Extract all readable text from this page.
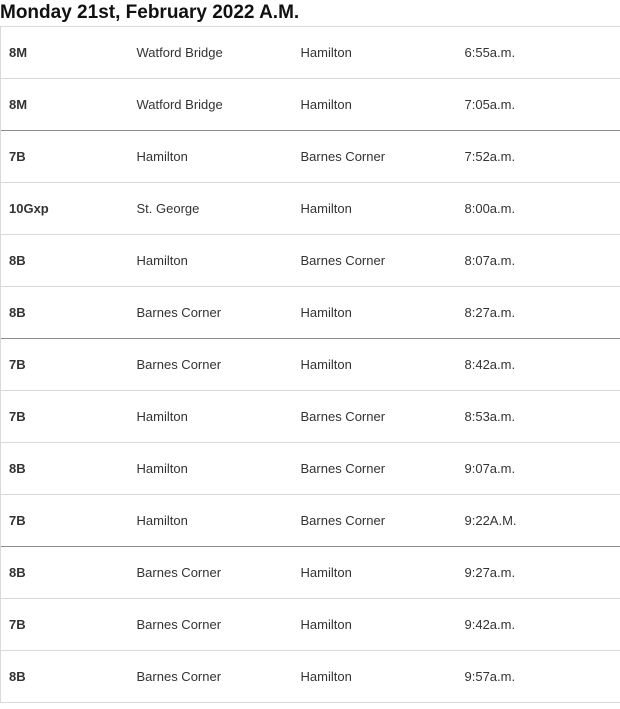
Monday 21st, February 2022 A.M.
8M	Watford Bridge	Hamilton	6:55a.m.
8M	Watford Bridge	Hamilton	7:05a.m.
7B	Hamilton	Barnes Corner	7:52a.m.
10Gxp	St. George	Hamilton	8:00a.m.
8B	Hamilton	Barnes Corner	8:07a.m.
8B	Barnes Corner	Hamilton	8:27a.m.
7B	Barnes Corner	Hamilton	8:42a.m.
7B	Hamilton	Barnes Corner	8:53a.m.
8B	Hamilton	Barnes Corner	9:07a.m.
7B	Hamilton	Barnes Corner	9:22A.M.
8B	Barnes Corner	Hamilton	9:27a.m.
7B	Barnes Corner	Hamilton	9:42a.m.
8B	Barnes Corner	Hamilton	9:57a.m.
